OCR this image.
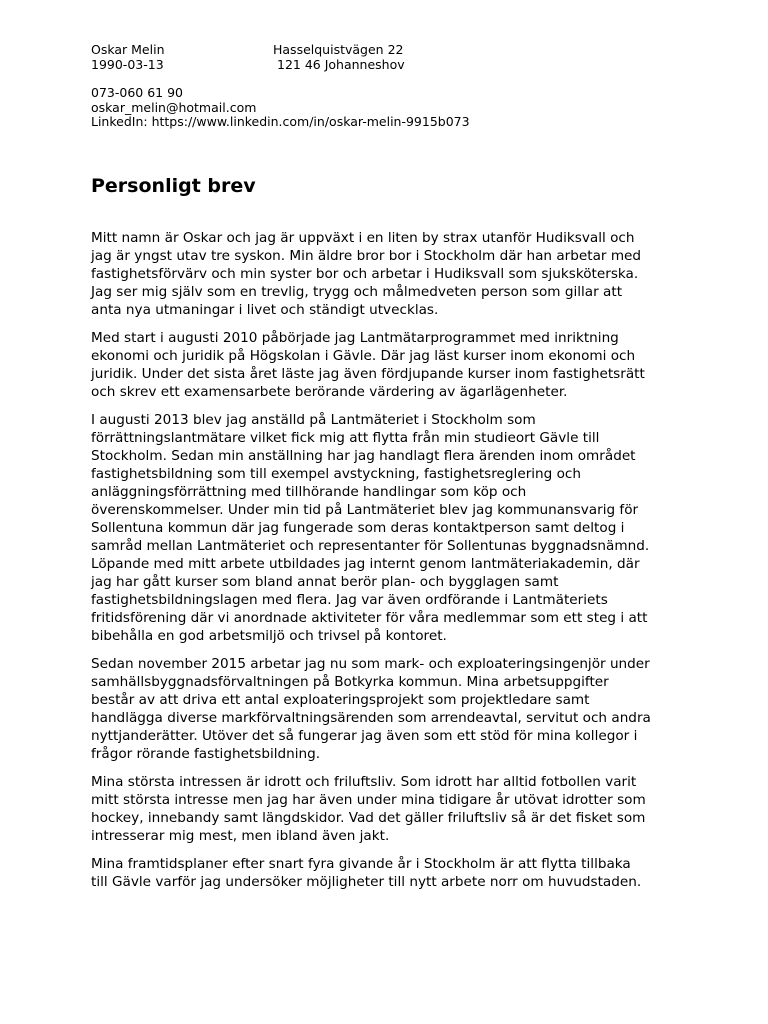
Oskar Melin	Hasselquistvägen 22
1990-03-13	121 46 Johanneshov
073-060 61 90
oskar_melin@hotmail.com
LinkedIn: https://www.linkedin.com/in/oskar-melin-9915b073
Personligt brev

Mitt namn är Oskar och jag är uppväxt i en liten by strax utanför Hudiksvall och
jag är yngst utav tre syskon. Min äldre bror bor i Stockholm där han arbetar med
fastighetsförvärv och min syster bor och arbetar i Hudiksvall som sjuksköterska.
Jag ser mig själv som en trevlig, trygg och målmedveten person som gillar att
anta nya utmaningar i livet och ständigt utvecklas.

Med start i augusti 2010 påbörjade jag Lantmätarprogrammet med inriktning
ekonomi och juridik på Högskolan i Gävle. Där jag läst kurser inom ekonomi och
juridik. Under det sista året läste jag även fördjupande kurser inom fastighetsrätt
och skrev ett examensarbete berörande värdering av ägarlägenheter.

I augusti 2013 blev jag anställd på Lantmäteriet i Stockholm som
förrättningslantmätare vilket fick mig att flytta från min studieort Gävle till
Stockholm. Sedan min anställning har jag handlagt flera ärenden inom området
fastighetsbildning som till exempel avstyckning, fastighetsreglering och
anläggningsförrättning med tillhörande handlingar som köp och
överenskommelser. Under min tid på Lantmäteriet blev jag kommunansvarig för
Sollentuna kommun där jag fungerade som deras kontaktperson samt deltog i
samråd mellan Lantmäteriet och representanter för Sollentunas byggnadsnämnd.
Löpande med mitt arbete utbildades jag internt genom lantmäteriakademin, där
jag har gått kurser som bland annat berör plan- och bygglagen samt
fastighetsbildningslagen med flera. Jag var även ordförande i Lantmäteriets
fritidsförening där vi anordnade aktiviteter för våra medlemmar som ett steg i att
bibehålla en god arbetsmiljö och trivsel på kontoret.

Sedan november 2015 arbetar jag nu som mark- och exploateringsingenjör under
samhällsbyggnadsförvaltningen på Botkyrka kommun. Mina arbetsuppgifter
består av att driva ett antal exploateringsprojekt som projektledare samt
handlägga diverse markförvaltningsärenden som arrendeavtal, servitut och andra
nyttjanderätter. Utöver det så fungerar jag även som ett stöd för mina kollegor i
frågor rörande fastighetsbildning.

Mina största intressen är idrott och friluftsliv. Som idrott har alltid fotbollen varit
mitt största intresse men jag har även under mina tidigare år utövat idrotter som
hockey, innebandy samt längdskidor. Vad det gäller friluftsliv så är det fisket som
intresserar mig mest, men ibland även jakt.

Mina framtidsplaner efter snart fyra givande år i Stockholm är att flytta tillbaka
till Gävle varför jag undersöker möjligheter till nytt arbete norr om huvudstaden.
